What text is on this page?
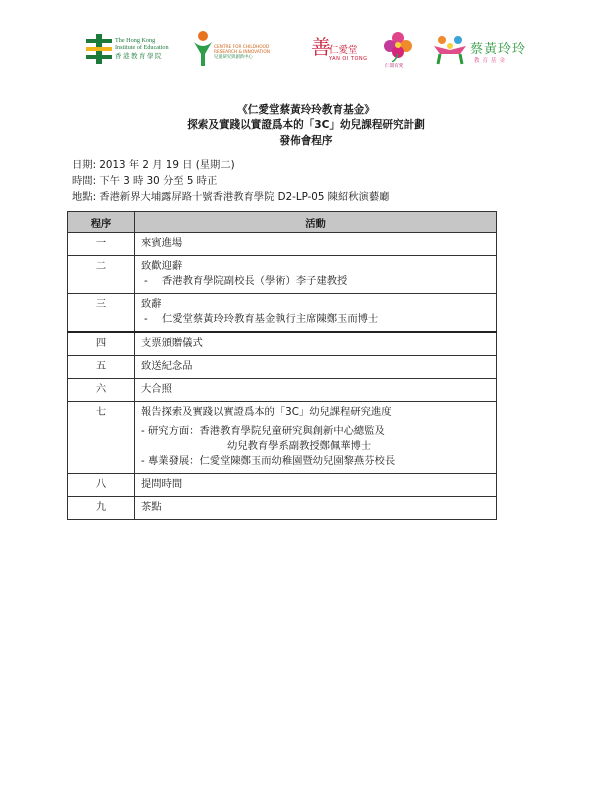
The Hong Kong
Institute of Education
香港教育學院
CENTRE FOR CHILDHOOD
RESEARCH & INNOVATION
兒童研究與創新中心	善
仁愛堂
YAN OI TONG
仁間有愛
蔡黃玲玲
教育基金
《仁愛堂蔡黃玲玲教育基金》
探索及實踐以實證爲本的「3C」幼兒課程研究計劃
發佈會程序
日期: 2013 年 2 月 19 日 (星期二)
時間: 下午 3 時 30 分至 5 時正
地點: 香港新界大埔露屏路十號香港教育學院 D2-LP-05 陳紹秋演藝廳
程序	活動
一	來賓進場
二	致歡迎辭
- 香港教育學院副校長（學術）李子建教授

三	致辭
- 仁愛堂蔡黃玲玲教育基金執行主席陳鄭玉而博士

四	支票頒贈儀式
五	致送紀念品
六	大合照
七	報告探索及實踐以實證爲本的「3C」幼兒課程研究進度
- 研究方面：香港教育學院兒童研究與創新中心總監及
幼兒教育學系副教授鄭佩華博士
- 專業發展：仁愛堂陳鄭玉而幼稚園暨幼兒園黎燕芬校長

八	提問時間
九	茶點
